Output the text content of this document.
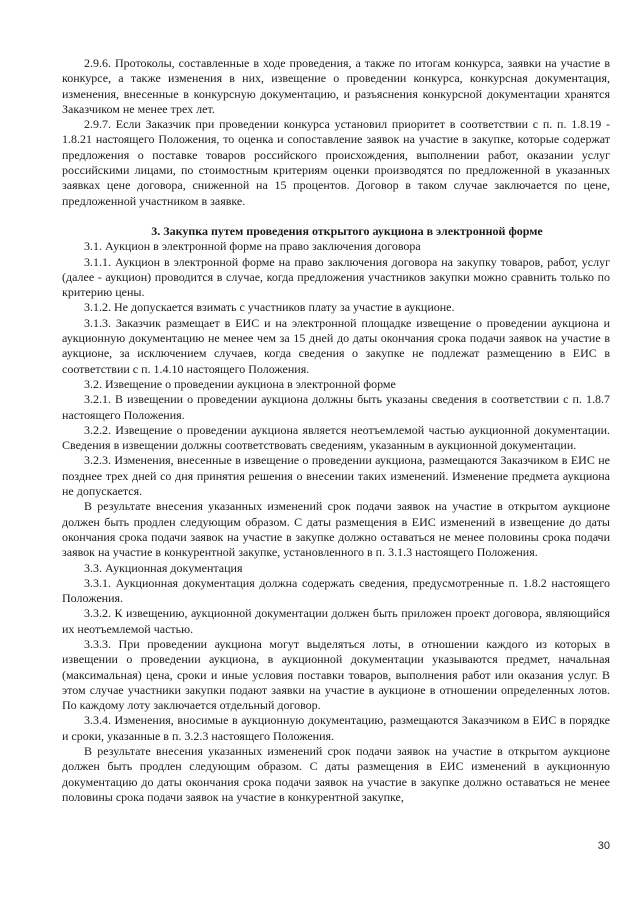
2.9.6. Протоколы, составленные в ходе проведения, а также по итогам конкурса, заявки на участие в конкурсе, а также изменения в них, извещение о проведении конкурса, конкурсная документация, изменения, внесенные в конкурсную документацию, и разъяснения конкурсной документации хранятся Заказчиком не менее трех лет.

2.9.7. Если Заказчик при проведении конкурса установил приоритет в соответствии с п. п. 1.8.19 - 1.8.21 настоящего Положения, то оценка и сопоставление заявок на участие в закупке, которые содержат предложения о поставке товаров российского происхождения, выполнении работ, оказании услуг российскими лицами, по стоимостным критериям оценки производятся по предложенной в указанных заявках цене договора, сниженной на 15 процентов. Договор в таком случае заключается по цене, предложенной участником в заявке.

3. Закупка путем проведения открытого аукциона в электронной форме

3.1. Аукцион в электронной форме на право заключения договора

3.1.1. Аукцион в электронной форме на право заключения договора на закупку товаров, работ, услуг (далее - аукцион) проводится в случае, когда предложения участников закупки можно сравнить только по критерию цены.

3.1.2. Не допускается взимать с участников плату за участие в аукционе.

3.1.3. Заказчик размещает в ЕИС и на электронной площадке извещение о проведении аукциона и аукционную документацию не менее чем за 15 дней до даты окончания срока подачи заявок на участие в аукционе, за исключением случаев, когда сведения о закупке не подлежат размещению в ЕИС в соответствии с п. 1.4.10 настоящего Положения.

3.2. Извещение о проведении аукциона в электронной форме

3.2.1. В извещении о проведении аукциона должны быть указаны сведения в соответствии с п. 1.8.7 настоящего Положения.

3.2.2. Извещение о проведении аукциона является неотъемлемой частью аукционной документации. Сведения в извещении должны соответствовать сведениям, указанным в аукционной документации.

3.2.3. Изменения, внесенные в извещение о проведении аукциона, размещаются Заказчиком в ЕИС не позднее трех дней со дня принятия решения о внесении таких изменений. Изменение предмета аукциона не допускается.

В результате внесения указанных изменений срок подачи заявок на участие в открытом аукционе должен быть продлен следующим образом. С даты размещения в ЕИС изменений в извещение до даты окончания срока подачи заявок на участие в закупке должно оставаться не менее половины срока подачи заявок на участие в конкурентной закупке, установленного в п. 3.1.3 настоящего Положения.

3.3. Аукционная документация

3.3.1. Аукционная документация должна содержать сведения, предусмотренные п. 1.8.2 настоящего Положения.

3.3.2. К извещению, аукционной документации должен быть приложен проект договора, являющийся их неотъемлемой частью.

3.3.3. При проведении аукциона могут выделяться лоты, в отношении каждого из которых в извещении о проведении аукциона, в аукционной документации указываются предмет, начальная (максимальная) цена, сроки и иные условия поставки товаров, выполнения работ или оказания услуг. В этом случае участники закупки подают заявки на участие в аукционе в отношении определенных лотов. По каждому лоту заключается отдельный договор.

3.3.4. Изменения, вносимые в аукционную документацию, размещаются Заказчиком в ЕИС в порядке и сроки, указанные в п. 3.2.3 настоящего Положения.

В результате внесения указанных изменений срок подачи заявок на участие в открытом аукционе должен быть продлен следующим образом. С даты размещения в ЕИС изменений в аукционную документацию до даты окончания срока подачи заявок на участие в закупке должно оставаться не менее половины срока подачи заявок на участие в конкурентной закупке,

30
